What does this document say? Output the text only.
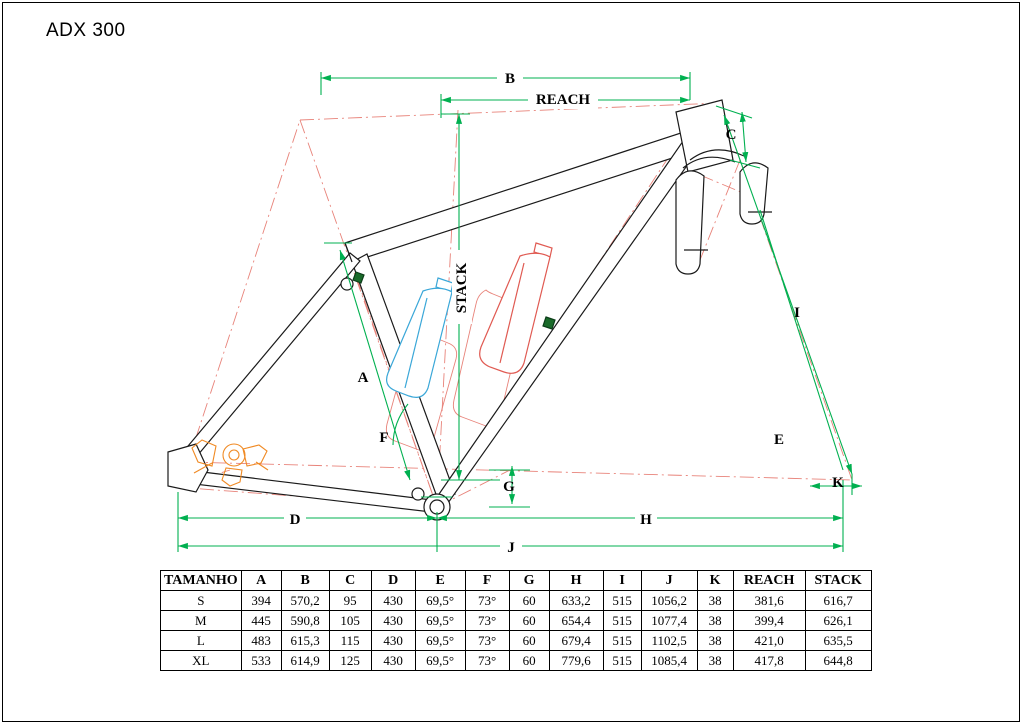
ADX 300
B
REACH
C
STACK
A
I
F	E
G	K
D	H
J
TAMANHO	A	B	C	D	E	F	G	H	I	J	K	REACH	STACK
S	394	570,2	95	430	69,5°	73°	60	633,2	515	1056,2	38	381,6	616,7
M	445	590,8	105	430	69,5°	73°	60	654,4	515	1077,4	38	399,4	626,1
L	483	615,3	115	430	69,5°	73°	60	679,4	515	1102,5	38	421,0	635,5
XL	533	614,9	125	430	69,5°	73°	60	779,6	515	1085,4	38	417,8	644,8
